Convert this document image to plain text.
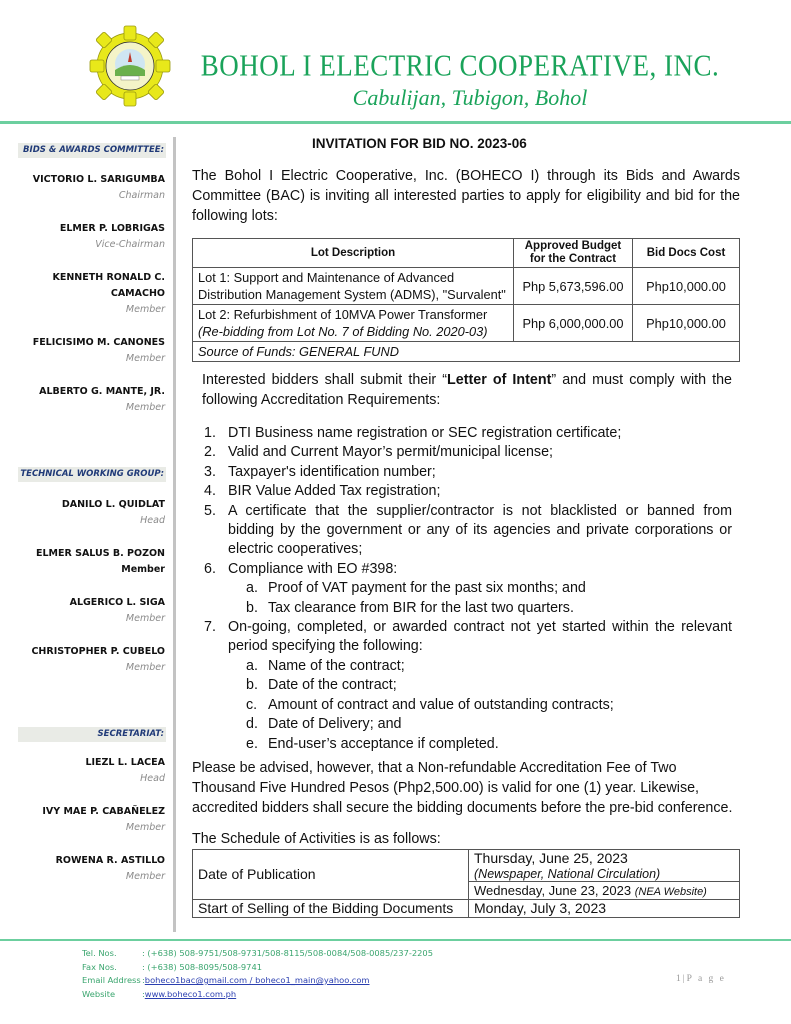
BOHOL I ELECTRIC COOPERATIVE, INC.
Cabulijan, Tubigon, Bohol
BIDS & AWARDS COMMITTEE:
VICTORIO L. SARIGUMBA
Chairman
ELMER P. LOBRIGAS
Vice-Chairman
KENNETH RONALD C.
CAMACHO
Member
FELICISIMO M. CANONES
Member
ALBERTO G. MANTE, JR.
Member
TECHNICAL WORKING GROUP:
DANILO L. QUIDLAT
Head
ELMER SALUS B. POZON
Member
ALGERICO L. SIGA
Member
CHRISTOPHER P. CUBELO
Member
SECRETARIAT:
LIEZL L. LACEA
Head
IVY MAE P. CABAÑELEZ
Member
ROWENA R. ASTILLO
Member
INVITATION FOR BID NO. 2023-06
The Bohol I Electric Cooperative, Inc. (BOHECO I) through its Bids and Awards Committee (BAC) is inviting all interested parties to apply for eligibility and bid for the following lots:
Lot Description	Approved Budget for the Contract	Bid Docs Cost
Lot 1: Support and Maintenance of Advanced Distribution Management System (ADMS), "Survalent"	Php 5,673,596.00	Php10,000.00

Lot 2: Refurbishment of 10MVA Power Transformer
(Re-bidding from Lot No. 7 of Bidding No. 2020-03)	Php 6,000,000.00	Php10,000.00
Source of Funds: GENERAL FUND		
Interested bidders shall submit their “Letter of Intent” and must comply with the following Accreditation Requirements:
1. DTI Business name registration or SEC registration certificate;
2. Valid and Current Mayor’s permit/municipal license;
3. Taxpayer's identification number;
4. BIR Value Added Tax registration;
5. A certificate that the supplier/contractor is not blacklisted or banned from bidding by the government or any of its agencies and private corporations or electric cooperatives;
6. Compliance with EO #398:
a. Proof of VAT payment for the past six months; and
b. Tax clearance from BIR for the last two quarters.
7. On-going, completed, or awarded contract not yet started within the relevant period specifying the following:
a. Name of the contract;
b. Date of the contract;
c. Amount of contract and value of outstanding contracts;
d. Date of Delivery; and
e. End-user’s acceptance if completed.
Please be advised, however, that a Non-refundable Accreditation Fee of Two Thousand Five Hundred Pesos (Php2,500.00) is valid for one (1) year. Likewise, accredited bidders shall secure the bidding documents before the pre-bid conference.
The Schedule of Activities is as follows:
Date of Publication	Thursday, June 25, 2023
(Newspaper, National Circulation)

	Wednesday, June 23, 2023 (NEA Website)
Start of Selling of the Bidding Documents	Monday, July 3, 2023
Tel. Nos.	: (+638) 508-9751/508-9731/508-8115/508-0084/508-0085/237-2205
Fax Nos.	: (+638) 508-8095/508-9741
Email Address : boheco1bac@gmail.com / boheco1_main@yahoo.com
Website	: www.boheco1.com.ph
1|P a g e
